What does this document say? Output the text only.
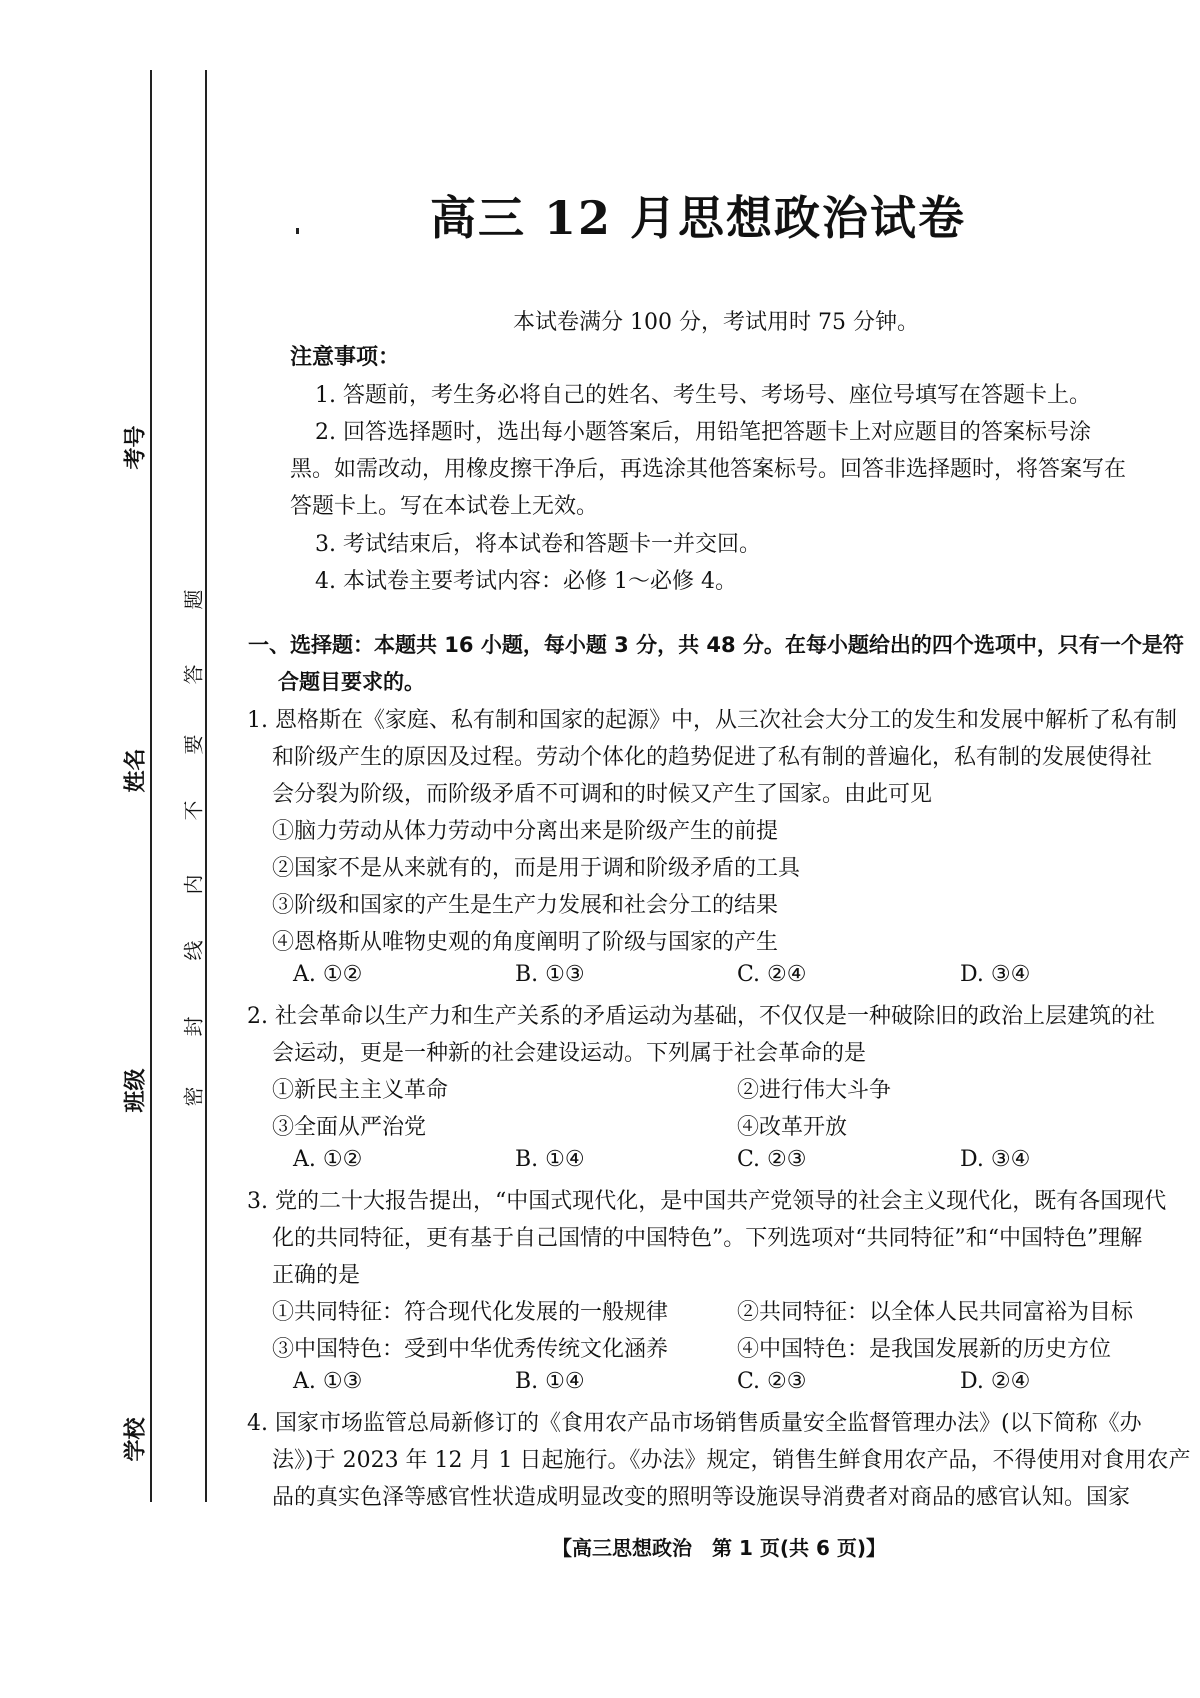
考号
姓名
班级
学校
题
答
要
不
内
线
封
密
高三 12 月思想政治试卷
本试卷满分 100 分，考试用时 75 分钟。
注意事项：
1. 答题前，考生务必将自己的姓名、考生号、考场号、座位号填写在答题卡上。
2. 回答选择题时，选出每小题答案后，用铅笔把答题卡上对应题目的答案标号涂
黑。如需改动，用橡皮擦干净后，再选涂其他答案标号。回答非选择题时，将答案写在
答题卡上。写在本试卷上无效。
3. 考试结束后，将本试卷和答题卡一并交回。
4. 本试卷主要考试内容：必修 1～必修 4。
一、选择题：本题共 16 小题，每小题 3 分，共 48 分。在每小题给出的四个选项中，只有一个是符
合题目要求的。
1. 恩格斯在《家庭、私有制和国家的起源》中，从三次社会大分工的发生和发展中解析了私有制
和阶级产生的原因及过程。劳动个体化的趋势促进了私有制的普遍化，私有制的发展使得社
会分裂为阶级，而阶级矛盾不可调和的时候又产生了国家。由此可见
①脑力劳动从体力劳动中分离出来是阶级产生的前提
②国家不是从来就有的，而是用于调和阶级矛盾的工具
③阶级和国家的产生是生产力发展和社会分工的结果
④恩格斯从唯物史观的角度阐明了阶级与国家的产生
A. ①②	B. ①③	C. ②④	D. ③④
2. 社会革命以生产力和生产关系的矛盾运动为基础，不仅仅是一种破除旧的政治上层建筑的社
会运动，更是一种新的社会建设运动。下列属于社会革命的是
①新民主主义革命	②进行伟大斗争
③全面从严治党	④改革开放
A. ①②	B. ①④	C. ②③	D. ③④
3. 党的二十大报告提出，“中国式现代化，是中国共产党领导的社会主义现代化，既有各国现代
化的共同特征，更有基于自己国情的中国特色”。下列选项对“共同特征”和“中国特色”理解
正确的是
①共同特征：符合现代化发展的一般规律	②共同特征：以全体人民共同富裕为目标
③中国特色：受到中华优秀传统文化涵养	④中国特色：是我国发展新的历史方位
A. ①③	B. ①④	C. ②③	D. ②④
4. 国家市场监管总局新修订的《食用农产品市场销售质量安全监督管理办法》(以下简称《办
法》)于 2023 年 12 月 1 日起施行。《办法》规定，销售生鲜食用农产品，不得使用对食用农产
品的真实色泽等感官性状造成明显改变的照明等设施误导消费者对商品的感官认知。国家
【高三思想政治　第 1 页(共 6 页)】
